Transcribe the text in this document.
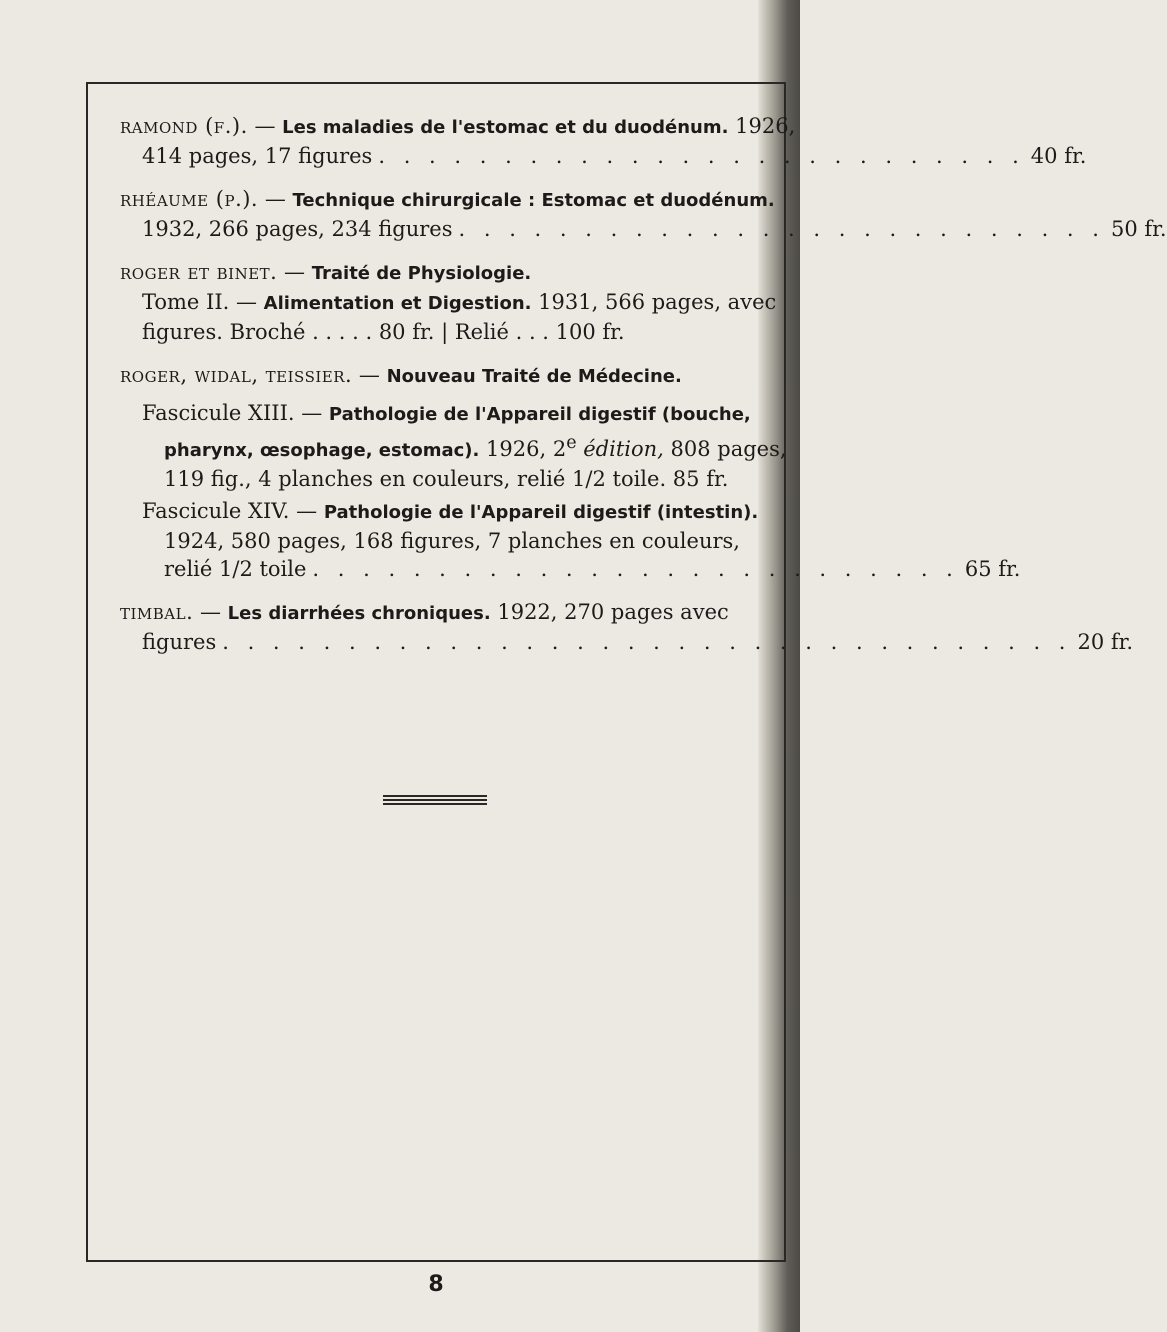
ramond (f.). — Les maladies de l'estomac et du duodénum. 1926,
414 pages, 17 figures . . . . . . . . . . . . . . . . . . . . . . . . . . 40 fr.
rhéaume (p.). — Technique chirurgicale : Estomac et duodénum.
1932, 266 pages, 234 figures . . . . . . . . . . . . . . . . . . . . . . . . . . 50 fr.
roger et binet. — Traité de Physiologie.
Tome II. — Alimentation et Digestion. 1931, 566 pages, avec
figures. Broché . . . . . 80 fr. | Relié . . . 100 fr.
roger, widal, teissier. — Nouveau Traité de Médecine.
Fascicule XIII. — Pathologie de l'Appareil digestif (bouche,
pharynx, œsophage, estomac). 1926, 2e édition, 808 pages,
119 fig., 4 planches en couleurs, relié 1/2 toile. 85 fr.
Fascicule XIV. — Pathologie de l'Appareil digestif (intestin).
1924, 580 pages, 168 figures, 7 planches en couleurs,
relié 1/2 toile . . . . . . . . . . . . . . . . . . . . . . . . . . 65 fr.
timbal. — Les diarrhées chroniques. 1922, 270 pages avec
figures . . . . . . . . . . . . . . . . . . . . . . . . . . . . . . . . . . 20 fr.
8
